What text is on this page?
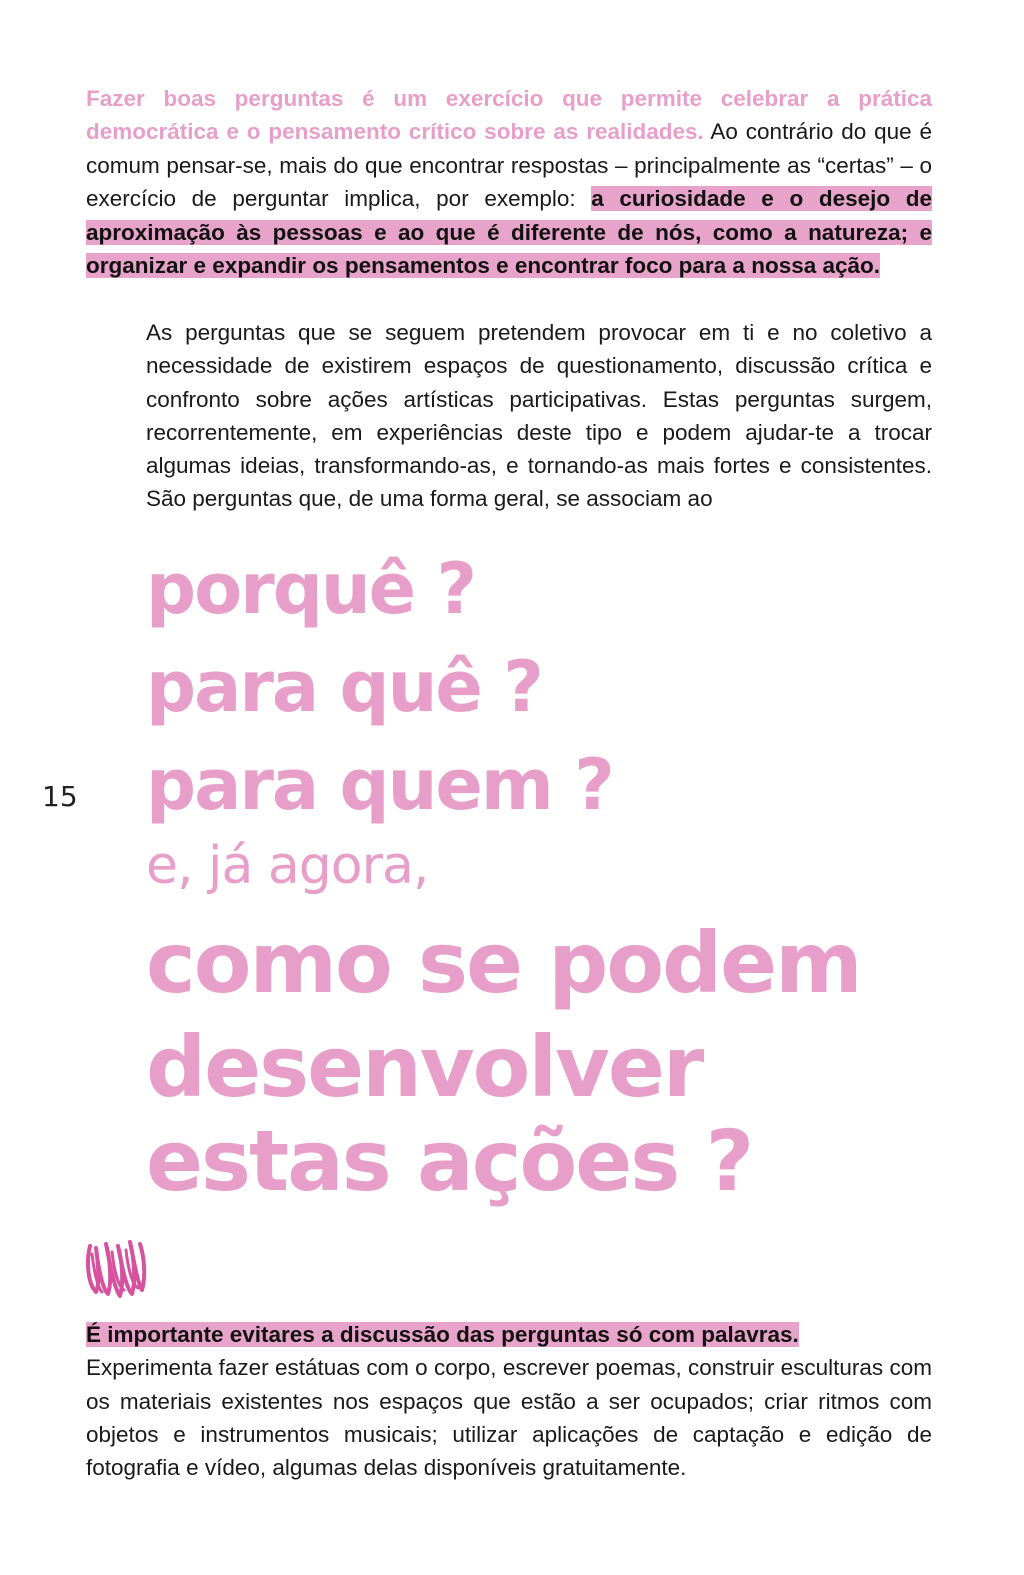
Fazer boas perguntas é um exercício que permite celebrar a prática democrática e o pensamento crítico sobre as realidades. Ao contrário do que é comum pensar-se, mais do que encontrar respostas – principalmente as “certas” – o exercício de perguntar implica, por exemplo: a curiosidade e o desejo de aproximação às pessoas e ao que é diferente de nós, como a natureza; e organizar e expandir os pensamentos e encontrar foco para a nossa ação.
As perguntas que se seguem pretendem provocar em ti e no coletivo a necessidade de existirem espaços de questionamento, discussão crítica e confronto sobre ações artísticas participativas. Estas perguntas surgem, recorrentemente, em experiências deste tipo e podem ajudar-te a trocar algumas ideias, transformando-as, e tornando-as mais fortes e consistentes. São perguntas que, de uma forma geral, se associam ao
porquê ?
para quê ?
para quem ?
e, já agora,
como se podem
desenvolver
estas ações ?
15
É importante evitares a discussão das perguntas só com palavras.
Experimenta fazer estátuas com o corpo, escrever poemas, construir esculturas com os materiais existentes nos espaços que estão a ser ocupados; criar ritmos com objetos e instrumentos musicais; utilizar aplicações de captação e edição de fotografia e vídeo, algumas delas disponíveis gratuitamente.
